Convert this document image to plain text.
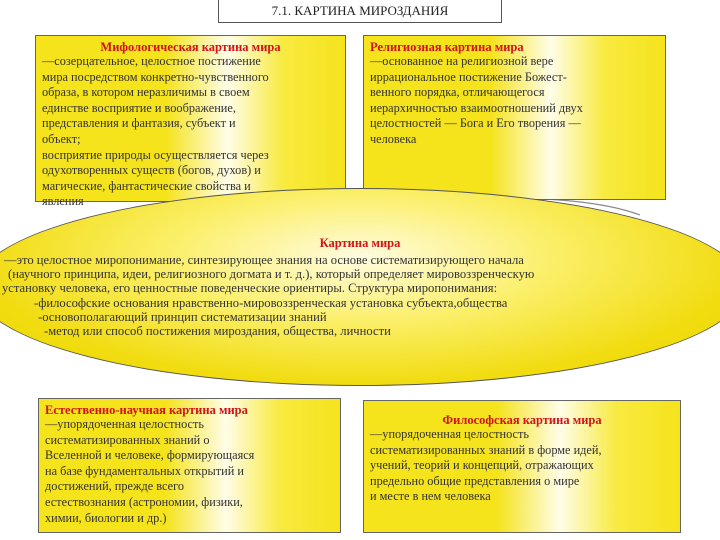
7.1. КАРТИНА МИРОЗДАНИЯ
Мифологическая картина мира
—созерцательное, целостное постижение
мира посредством конкретно-чувственного
образа, в котором неразличимы в своем
единстве восприятие и воображение,
представления и фантазия, субъект и
объект;
восприятие природы осуществляется через
одухотворенных существ (богов, духов) и
магические, фантастические свойства и
явления
Религиозная картина мира
—основанное на религиозной вере
иррациональное постижение Божест-
венного порядка, отличающегося
иерархичностью взаимоотношений двух
целостностей — Бога и Его творения —
человека
Картина мира
—это целостное миропонимание, синтезирующее знания на основе систематизирующего начала
(научного принципа, идеи, религиозного догмата и т. д.), который определяет мировоззренческую
установку человека, его ценностные поведенческие ориентиры. Структура миропонимания:
-философские основания нравственно-мировоззренческая установка субъекта,общества
-основополагающий принцип систематизации знаний
-метод или способ постижения мироздания, общества, личности
Естественно-научная картина мира
—упорядоченная целостность
систематизированных знаний о
Вселенной и человеке, формирующаяся
на базе фундаментальных открытий и
достижений, прежде всего
естествознания (астрономии, физики,
химии, биологии и др.)
Философская картина мира
—упорядоченная целостность
систематизированных знаний в форме идей,
учений, теорий и концепций, отражающих
предельно общие представления о мире
и месте в нем человека
